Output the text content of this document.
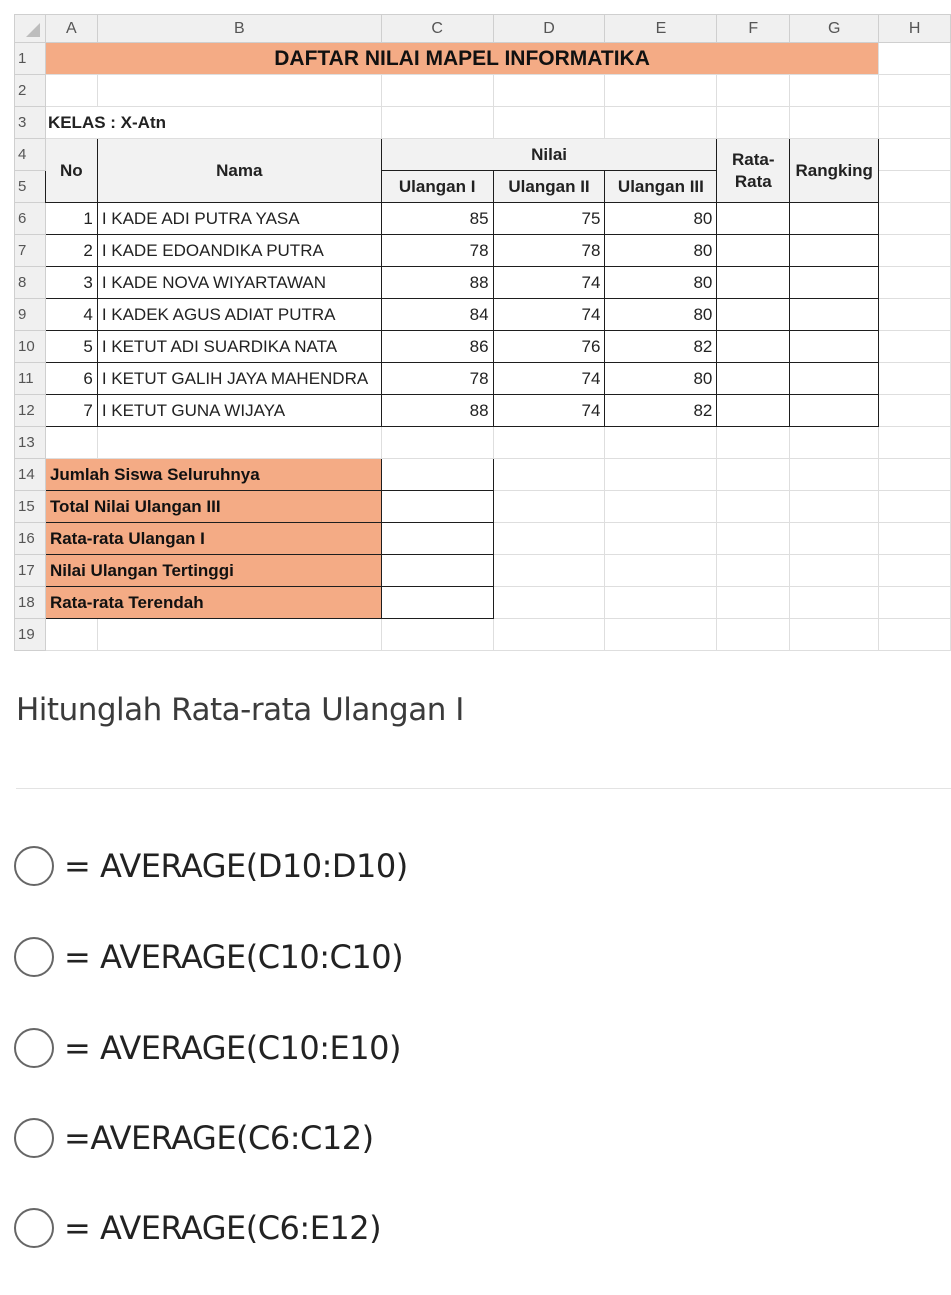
	A	B	C	D	E	F	G	H
1	DAFTAR NILAI MAPEL INFORMATIKA							
2								
3	KELAS : X-Atn							
4	No	Nama	Nilai			Rata-Rata	Rangking	
5			Ulangan I	Ulangan II	Ulangan III			
6	1	I KADE ADI PUTRA YASA	85	75	80			
7	2	I KADE EDOANDIKA PUTRA	78	78	80			
8	3	I KADE NOVA WIYARTAWAN	88	74	80			
9	4	I KADEK AGUS ADIAT PUTRA	84	74	80			
10	5	I KETUT ADI SUARDIKA NATA	86	76	82			
11	6	I KETUT GALIH JAYA MAHENDRA	78	74	80			
12	7	I KETUT GUNA WIJAYA	88	74	82			
13								
14	Jumlah Siswa Seluruhnya							
15	Total Nilai Ulangan III							
16	Rata-rata Ulangan I							
17	Nilai Ulangan Tertinggi							
18	Rata-rata Terendah							
19								
Hitunglah Rata-rata Ulangan I
= AVERAGE(D10:D10)
= AVERAGE(C10:C10)
= AVERAGE(C10:E10)
=AVERAGE(C6:C12)
= AVERAGE(C6:E12)
